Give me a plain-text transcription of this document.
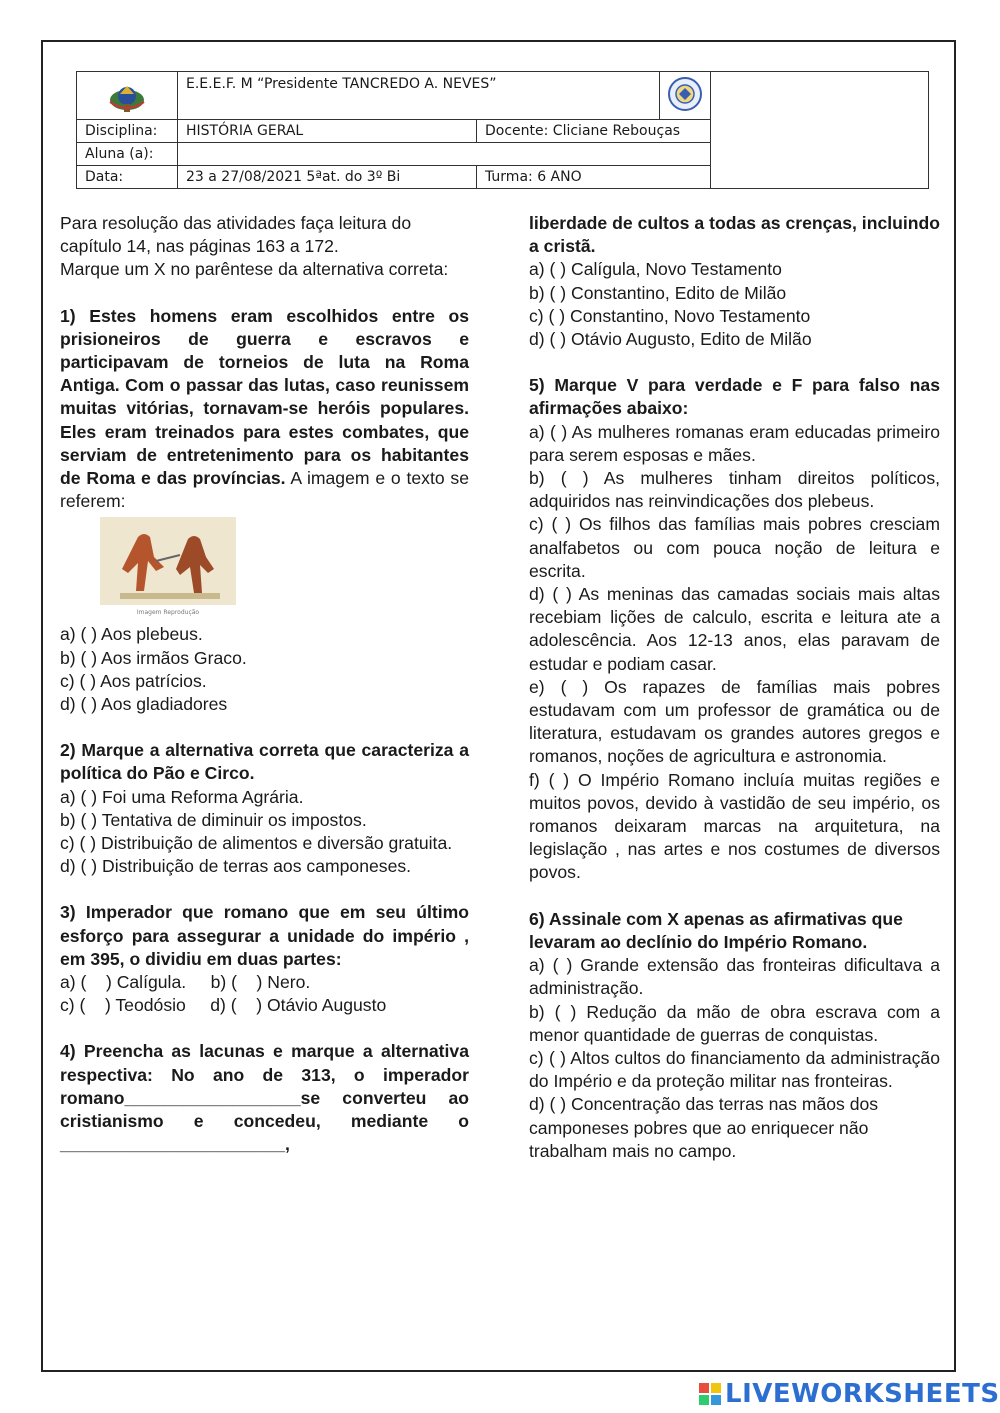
	E.E.E.F. M “Presidente TANCREDO A. NEVES”		
Disciplina:	HISTÓRIA GERAL	Docente: Cliciane Rebouças		
Aluna (a):				
Data:	23 a 27/08/2021 5ªat. do 3º Bi	Turma: 6 ANO		

Para resolução das atividades faça leitura do capítulo 14, nas páginas 163 a 172.

Marque um X no parêntese da alternativa correta:

1) Estes homens eram escolhidos entre os prisioneiros de guerra e escravos e participavam de torneios de luta na Roma Antiga. Com o passar das lutas, caso reunissem muitas vitórias, tornavam-se heróis populares. Eles eram treinados para estes combates, que serviam de entretenimento para os habitantes de Roma e das províncias. A imagem e o texto se referem:

Imagem Reprodução

a) ( ) Aos plebeus.

b) ( ) Aos irmãos Graco.

c) ( ) Aos patrícios.

d) ( ) Aos gladiadores

2) Marque a alternativa correta que caracteriza a política do Pão e Circo.

a) ( ) Foi uma Reforma Agrária.

b) ( ) Tentativa de diminuir os impostos.

c) ( ) Distribuição de alimentos e diversão gratuita.

d) ( ) Distribuição de terras aos camponeses.

3) Imperador que romano que em seu último esforço para assegurar a unidade do império , em 395, o dividiu em duas partes:

a) (    ) Calígula.     b) (    ) Nero.

c) (    ) Teodósio     d) (    ) Otávio Augusto

4) Preencha as lacunas e marque a alternativa respectiva: No ano de 313, o imperador romano__________________se converteu ao cristianismo e concedeu, mediante o _______________________,

liberdade de cultos a todas as crenças, incluindo a cristã.

a) ( ) Calígula, Novo Testamento

b) ( ) Constantino, Edito de Milão

c) ( ) Constantino, Novo Testamento

d) ( ) Otávio Augusto, Edito de Milão

5) Marque V para verdade e F para falso nas afirmações abaixo:

a) ( ) As mulheres romanas eram educadas primeiro para serem esposas e mães.

b) ( ) As mulheres tinham direitos políticos, adquiridos nas reinvindicações dos plebeus.

c) ( ) Os filhos das famílias mais pobres cresciam analfabetos ou com pouca noção de leitura e escrita.

d) ( ) As meninas das camadas sociais mais altas recebiam lições de calculo, escrita e leitura ate a adolescência. Aos 12-13 anos, elas paravam de estudar e podiam casar.

e) ( ) Os rapazes de famílias mais pobres estudavam com um professor de gramática ou de literatura, estudavam os grandes autores gregos e romanos, noções de agricultura e astronomia.

f) ( ) O Império Romano incluía muitas regiões e muitos povos, devido à vastidão de seu império, os romanos deixaram marcas na arquitetura, na legislação , nas artes e nos costumes de diversos povos.

6) Assinale com X apenas as afirmativas que levaram ao declínio do Império Romano.

a) ( ) Grande extensão das fronteiras dificultava a administração.

b) ( ) Redução da mão de obra escrava com a menor quantidade de guerras de conquistas.

c) ( ) Altos cultos do financiamento da administração do Império e da proteção militar nas fronteiras.

d) ( ) Concentração das terras nas mãos dos camponeses pobres que ao enriquecer não trabalham mais no campo.

LIVEWORKSHEETS
